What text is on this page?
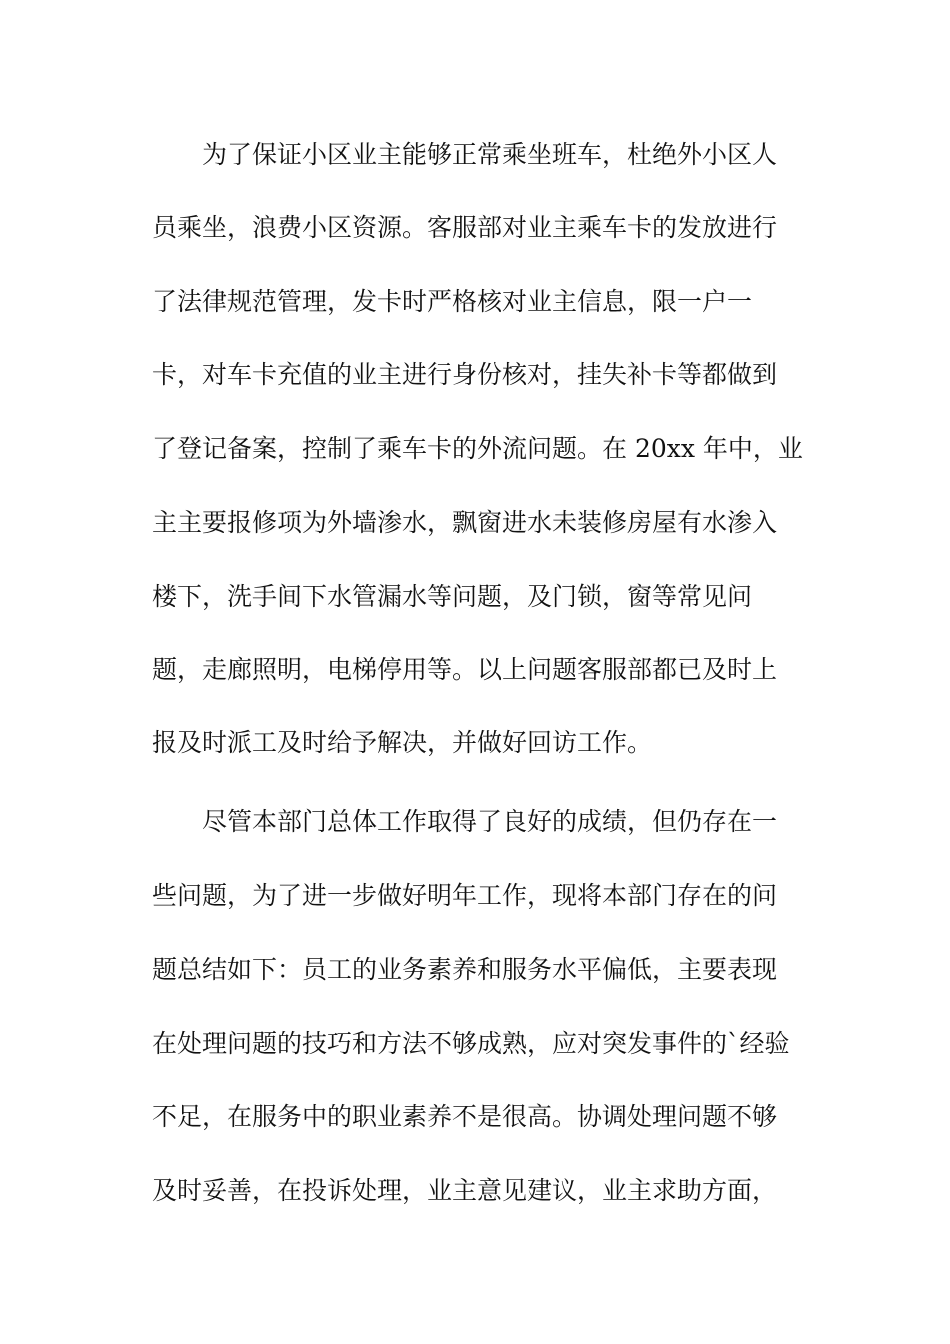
为了保证小区业主能够正常乘坐班车，杜绝外小区人
员乘坐，浪费小区资源。客服部对业主乘车卡的发放进行
了法律规范管理，发卡时严格核对业主信息，限一户一
卡，对车卡充值的业主进行身份核对，挂失补卡等都做到
了登记备案，控制了乘车卡的外流问题。在 20xx 年中，业
主主要报修项为外墙渗水，飘窗进水未装修房屋有水渗入
楼下，洗手间下水管漏水等问题，及门锁，窗等常见问
题，走廊照明，电梯停用等。以上问题客服部都已及时上
报及时派工及时给予解决，并做好回访工作。
尽管本部门总体工作取得了良好的成绩，但仍存在一
些问题，为了进一步做好明年工作，现将本部门存在的问
题总结如下：员工的业务素养和服务水平偏低，主要表现
在处理问题的技巧和方法不够成熟，应对突发事件的`经验
不足，在服务中的职业素养不是很高。协调处理问题不够
及时妥善，在投诉处理，业主意见建议，业主求助方面，
